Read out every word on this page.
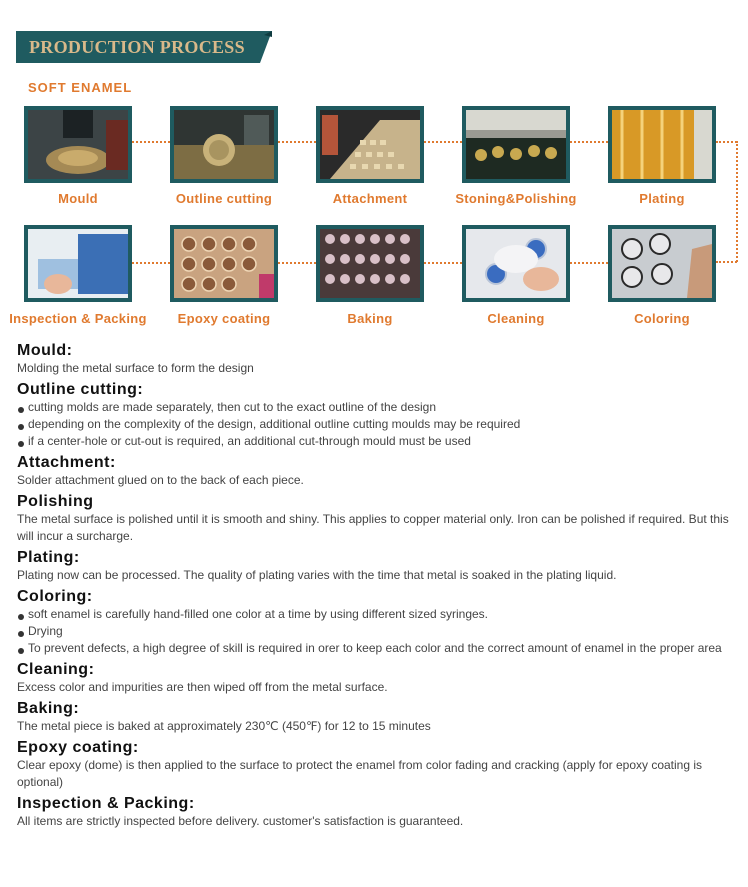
PRODUCTION PROCESS
SOFT ENAMEL
Mould	Outline cutting	Attachment	Stoning&Polishing	Plating
Inspection & Packing	Epoxy coating	Baking	Cleaning	Coloring
Mould:

Molding the metal surface to form the design

Outline cutting:
cutting molds are made separately, then cut to the exact outline of the design
depending on the complexity of the design, additional outline cutting moulds may be required
if a center-hole or cut-out is required, an additional cut-through mould must be used
Attachment:

Solder attachment glued on to the back of each piece.

Polishing

The metal surface is polished until it is smooth and shiny. This applies to copper material only. Iron can be polished if required. But this will incur a surcharge.

Plating:

Plating now can be processed. The quality of plating varies with the time that metal is soaked in the plating liquid.

Coloring:
soft enamel is carefully hand-filled one color at a time by using different sized syringes.
Drying
To prevent defects, a high degree of skill is required in orer to keep each color and the correct amount of enamel in the proper area
Cleaning:

Excess color and impurities are then wiped off from the metal surface.

Baking:

The metal piece is baked at approximately 230℃ (450℉) for 12 to 15 minutes

Epoxy coating:

Clear epoxy (dome) is then applied to the surface to protect the enamel from color fading and cracking (apply for epoxy coating is optional)

Inspection & Packing:

All items are strictly inspected before delivery. customer's satisfaction is guaranteed.
